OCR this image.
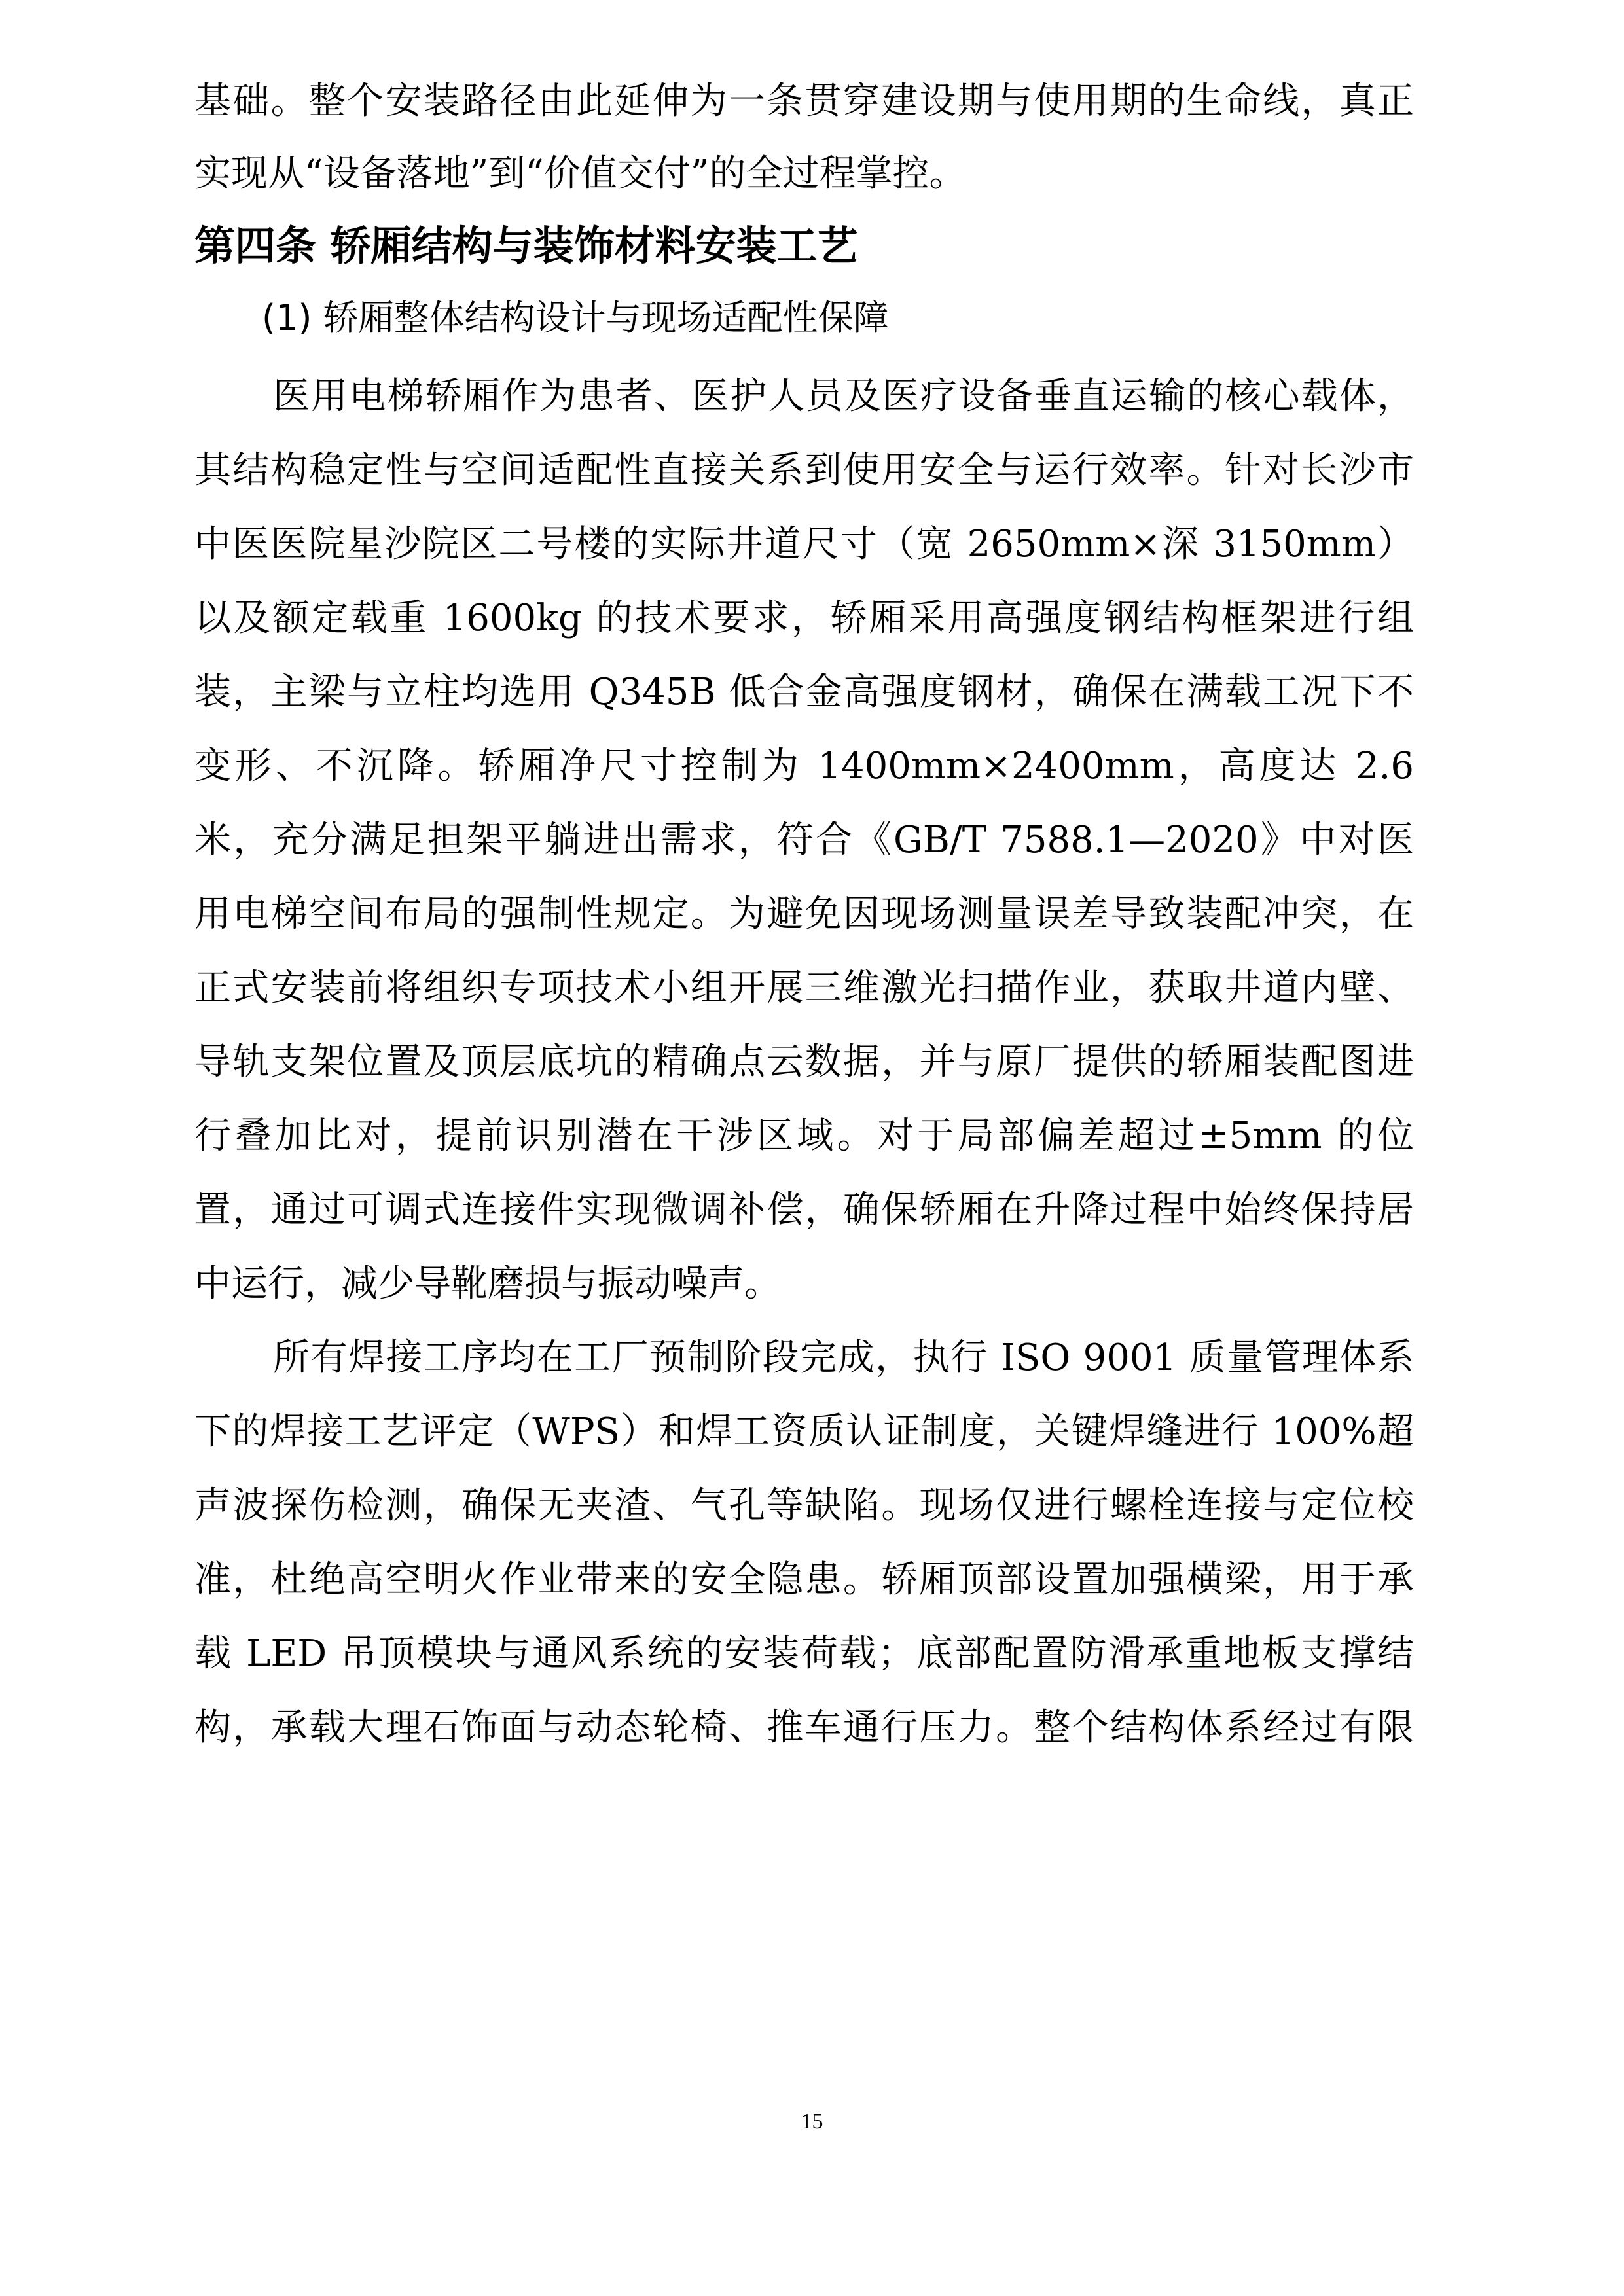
基础。整个安装路径由此延伸为一条贯穿建设期与使用期的生命线，真正
实现从“设备落地”到“价值交付”的全过程掌控。
第四条 轿厢结构与装饰材料安装工艺
(1) 轿厢整体结构设计与现场适配性保障
医用电梯轿厢作为患者、医护人员及医疗设备垂直运输的核心载体，
其结构稳定性与空间适配性直接关系到使用安全与运行效率。针对长沙市
中医医院星沙院区二号楼的实际井道尺寸（宽 2650mm×深 3150mm）
以及额定载重 1600kg 的技术要求，轿厢采用高强度钢结构框架进行组
装，主梁与立柱均选用 Q345B 低合金高强度钢材，确保在满载工况下不
变形、不沉降。轿厢净尺寸控制为 1400mm×2400mm，高度达 2.6
米，充分满足担架平躺进出需求，符合《GB/T 7588.1—2020》中对医
用电梯空间布局的强制性规定。为避免因现场测量误差导致装配冲突，在
正式安装前将组织专项技术小组开展三维激光扫描作业，获取井道内壁、
导轨支架位置及顶层底坑的精确点云数据，并与原厂提供的轿厢装配图进
行叠加比对，提前识别潜在干涉区域。对于局部偏差超过±5mm 的位
置，通过可调式连接件实现微调补偿，确保轿厢在升降过程中始终保持居
中运行，减少导靴磨损与振动噪声。
所有焊接工序均在工厂预制阶段完成，执行 ISO 9001 质量管理体系
下的焊接工艺评定（WPS）和焊工资质认证制度，关键焊缝进行 100%超
声波探伤检测，确保无夹渣、气孔等缺陷。现场仅进行螺栓连接与定位校
准，杜绝高空明火作业带来的安全隐患。轿厢顶部设置加强横梁，用于承
载 LED 吊顶模块与通风系统的安装荷载；底部配置防滑承重地板支撑结
构，承载大理石饰面与动态轮椅、推车通行压力。整个结构体系经过有限
15
